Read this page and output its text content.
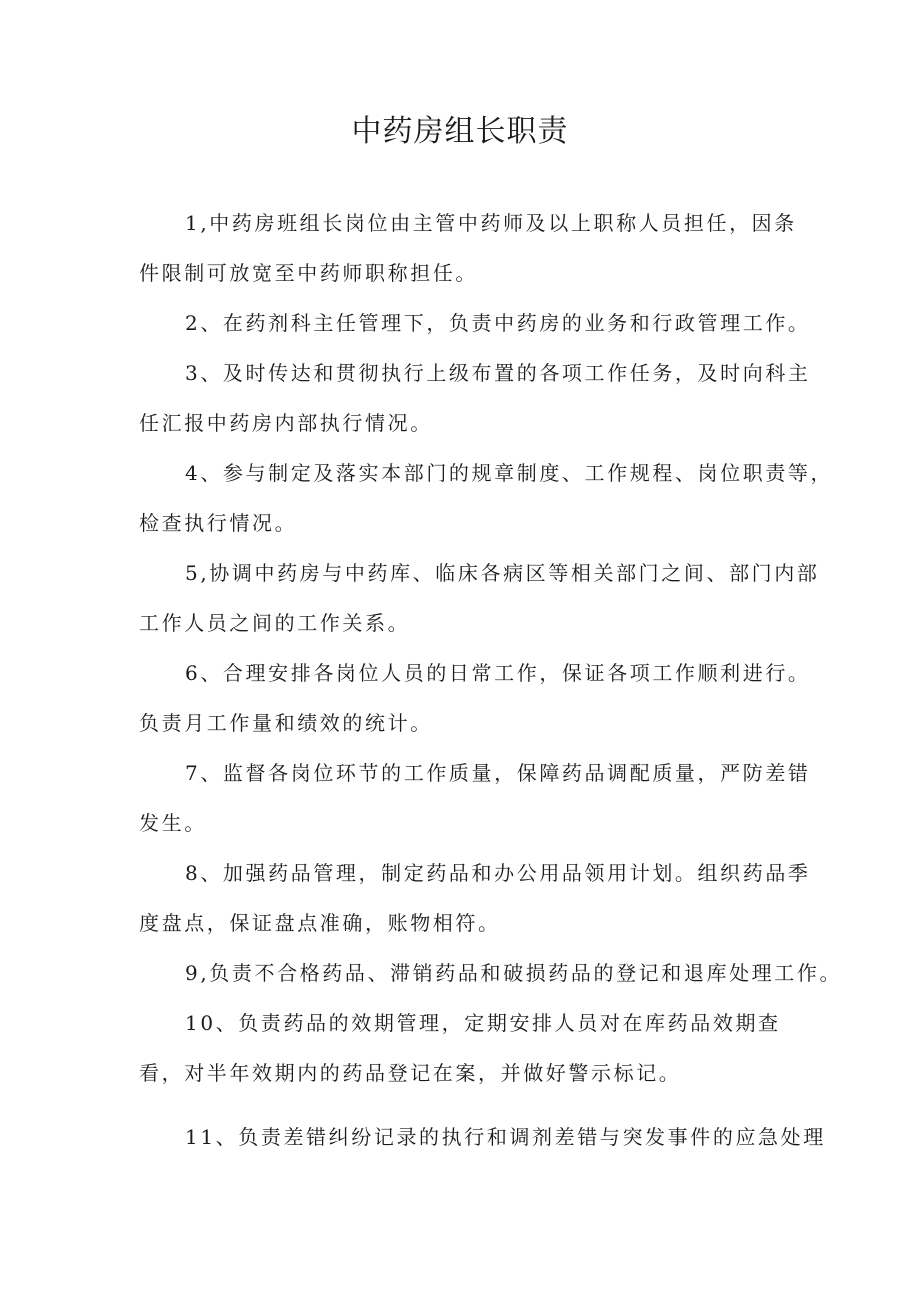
中药房组长职责

1,中药房班组长岗位由主管中药师及以上职称人员担任，因条

件限制可放宽至中药师职称担任。

2、在药剂科主任管理下，负责中药房的业务和行政管理工作。

3、及时传达和贯彻执行上级布置的各项工作任务，及时向科主

任汇报中药房内部执行情况。

4、参与制定及落实本部门的规章制度、工作规程、岗位职责等，

检查执行情况。

5,协调中药房与中药库、临床各病区等相关部门之间、部门内部

工作人员之间的工作关系。

6、合理安排各岗位人员的日常工作，保证各项工作顺利进行。

负责月工作量和绩效的统计。

7、监督各岗位环节的工作质量，保障药品调配质量，严防差错

发生。

8、加强药品管理，制定药品和办公用品领用计划。组织药品季

度盘点，保证盘点准确，账物相符。

9,负责不合格药品、滞销药品和破损药品的登记和退库处理工作。

10、负责药品的效期管理，定期安排人员对在库药品效期查

看，对半年效期内的药品登记在案，并做好警示标记。

11、负责差错纠纷记录的执行和调剂差错与突发事件的应急处理
